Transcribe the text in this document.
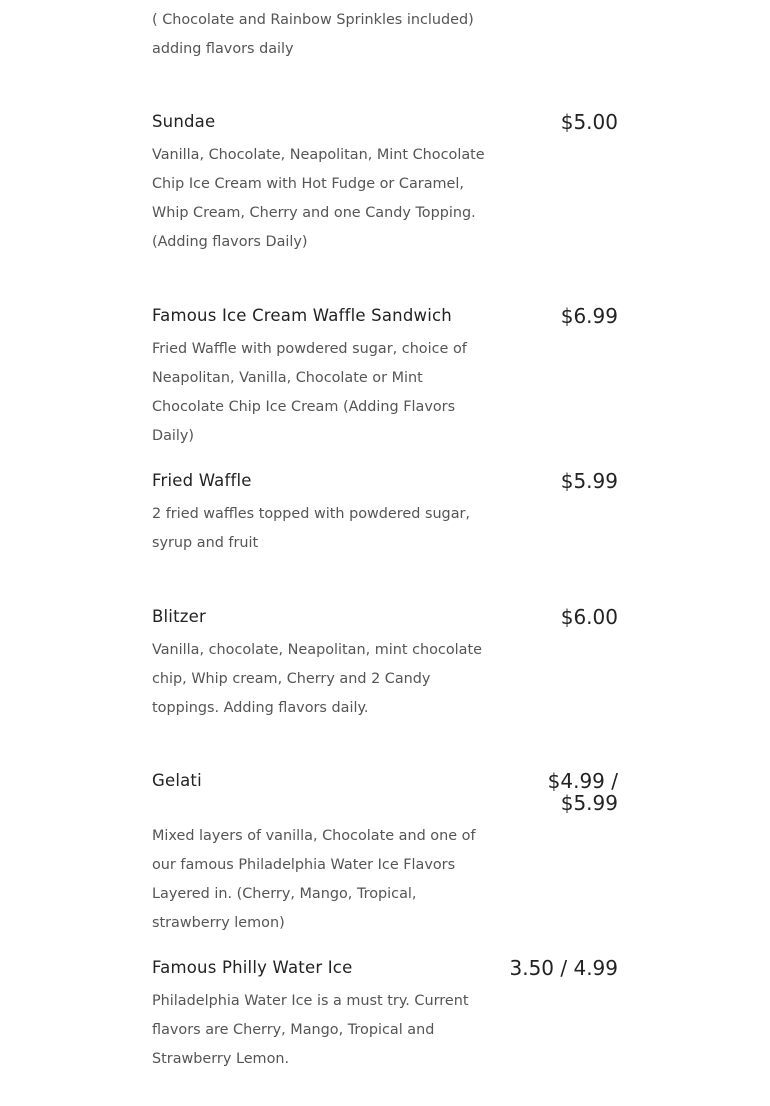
( Chocolate and Rainbow Sprinkles included)

adding flavors daily

Sundae	$5.00
Vanilla, Chocolate, Neapolitan, Mint Chocolate Chip Ice Cream with Hot Fudge or Caramel, Whip Cream, Cherry and one Candy Topping. (Adding flavors Daily)
Famous Ice Cream Waffle Sandwich	$6.99
Fried Waffle with powdered sugar, choice of Neapolitan, Vanilla, Chocolate or Mint Chocolate Chip Ice Cream (Adding Flavors Daily)
Fried Waffle	$5.99
2 fried waffles topped with powdered sugar, syrup and fruit
Blitzer	$6.00
Vanilla, chocolate, Neapolitan, mint chocolate chip, Whip cream, Cherry and 2 Candy toppings. Adding flavors daily.
Gelati	$4.99 /
$5.99
Mixed layers of vanilla, Chocolate and one of our famous Philadelphia Water Ice Flavors Layered in. (Cherry, Mango, Tropical, strawberry lemon)
Famous Philly Water Ice	3.50 / 4.99
Philadelphia Water Ice is a must try. Current flavors are Cherry, Mango, Tropical and Strawberry Lemon.
